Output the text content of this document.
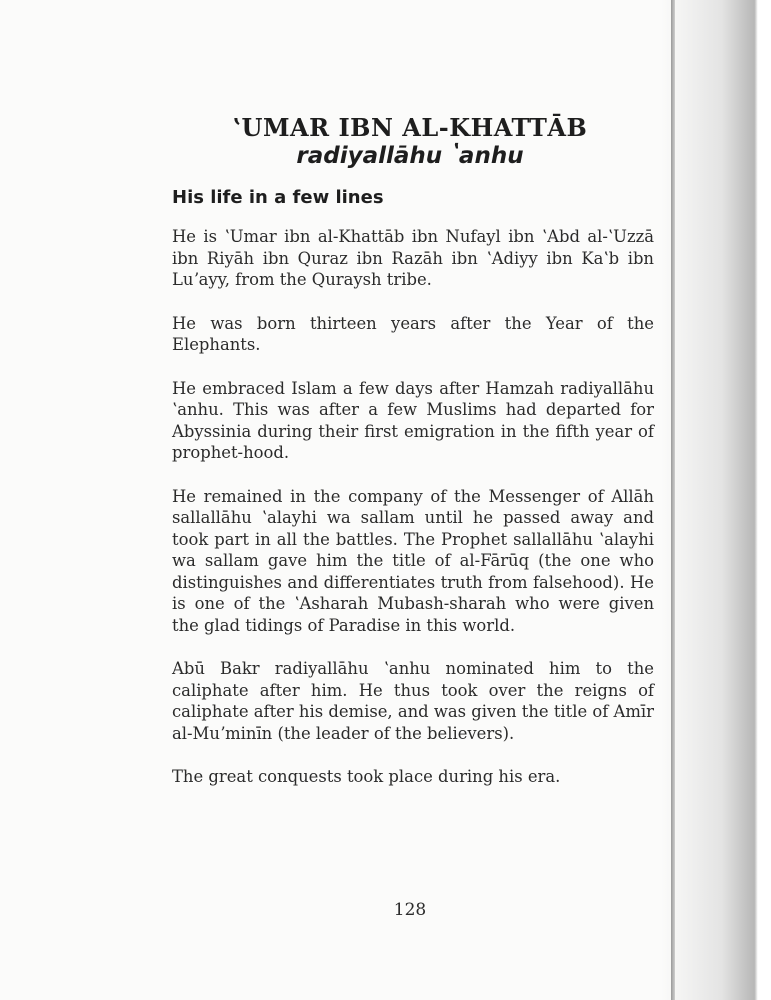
ʽUMAR IBN AL-KHATTĀB
radiyallāhu ʽanhu
His life in a few lines

He is ʽUmar ibn al-Khattāb ibn Nufayl ibn ʽAbd al-ʽUzzā ibn Riyāh ibn Quraz ibn Razāh ibn ʽAdiyy ibn Kaʽb ibn Luʼayy, from the Quraysh tribe.

He was born thirteen years after the Year of the Elephants.

He embraced Islam a few days after Hamzah radiyallāhu ʽanhu. This was after a few Muslims had departed for Abyssinia during their first emigration in the fifth year of prophet-hood.

He remained in the company of the Messenger of Allāh sallallāhu ʽalayhi wa sallam until he passed away and took part in all the battles. The Prophet sallallāhu ʽalayhi wa sallam gave him the title of al-Fārūq (the one who distinguishes and differentiates truth from falsehood). He is one of the ʽAsharah Mubash-sharah who were given the glad tidings of Paradise in this world.

Abū Bakr radiyallāhu ʽanhu nominated him to the caliphate after him. He thus took over the reigns of caliphate after his demise, and was given the title of Amīr al-Muʼminīn (the leader of the believers).

The great conquests took place during his era.

128
